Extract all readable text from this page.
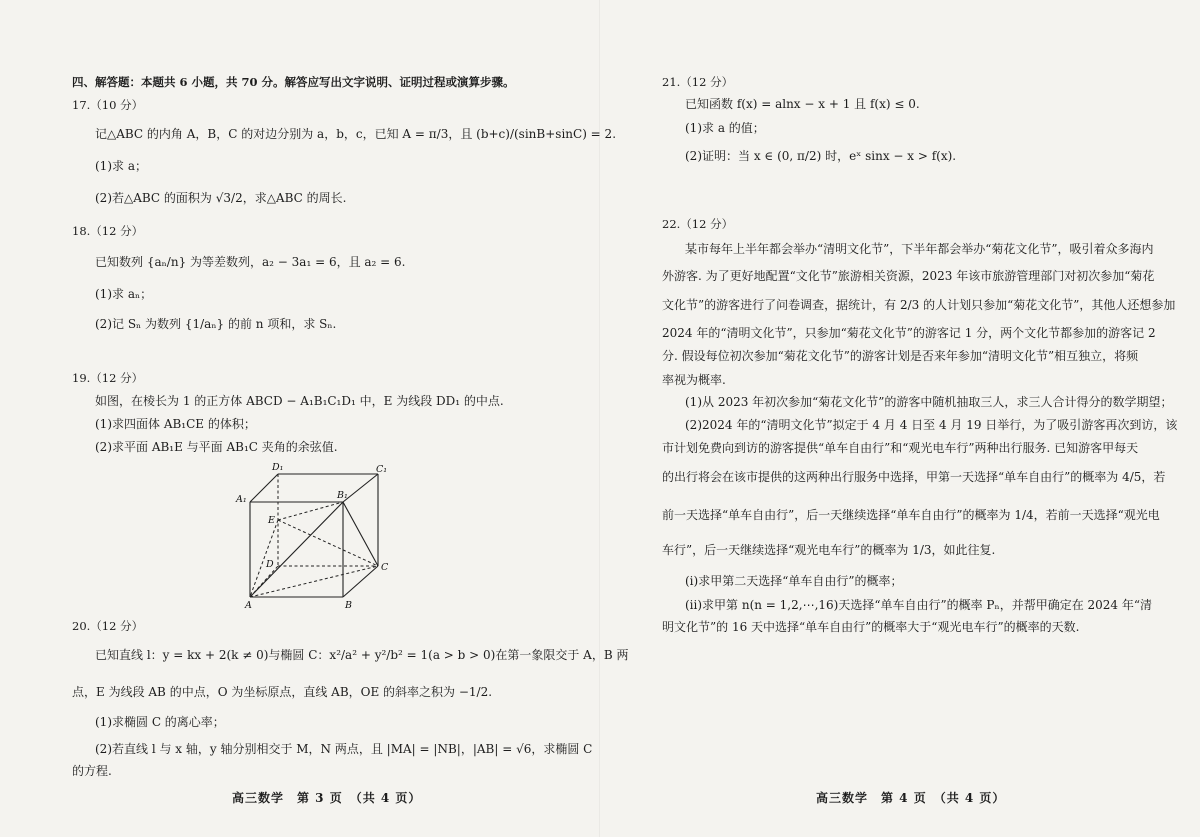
四、解答题：本题共 6 小题，共 70 分。解答应写出文字说明、证明过程或演算步骤。
17.（10 分）
记△ABC 的内角 A，B，C 的对边分别为 a，b，c，已知 A = π/3，且 (b+c)/(sinB+sinC) = 2.
(1)求 a；
(2)若△ABC 的面积为 √3/2，求△ABC 的周长.
18.（12 分）
已知数列 {aₙ/n} 为等差数列，a₂ − 3a₁ = 6，且 a₂ = 6.
(1)求 aₙ；
(2)记 Sₙ 为数列 {1/aₙ} 的前 n 项和，求 Sₙ.
19.（12 分）
如图，在棱长为 1 的正方体 ABCD − A₁B₁C₁D₁ 中，E 为线段 DD₁ 的中点.
(1)求四面体 AB₁CE 的体积；
(2)求平面 AB₁E 与平面 AB₁C 夹角的余弦值.
D₁	C₁
A₁	B₁
E
D	C
A	B
20.（12 分）
已知直线 l：y = kx + 2(k ≠ 0)与椭圆 C：x²/a² + y²/b² = 1(a > b > 0)在第一象限交于 A，B 两
点，E 为线段 AB 的中点，O 为坐标原点，直线 AB，OE 的斜率之积为 −1/2.
(1)求椭圆 C 的离心率；
(2)若直线 l 与 x 轴，y 轴分别相交于 M，N 两点，且 |MA| = |NB|，|AB| = √6，求椭圆 C
的方程.
高三数学　第 3 页　（共 4 页）
21.（12 分）
已知函数 f(x) = alnx − x + 1 且 f(x) ≤ 0.
(1)求 a 的值；
(2)证明：当 x ∈ (0, π/2) 时，eˣ sinx − x > f(x).
22.（12 分）
某市每年上半年都会举办“清明文化节”，下半年都会举办“菊花文化节”，吸引着众多海内
外游客. 为了更好地配置“文化节”旅游相关资源，2023 年该市旅游管理部门对初次参加“菊花
文化节”的游客进行了问卷调查，据统计，有 2/3 的人计划只参加“菊花文化节”，其他人还想参加
2024 年的“清明文化节”，只参加“菊花文化节”的游客记 1 分，两个文化节都参加的游客记 2
分. 假设每位初次参加“菊花文化节”的游客计划是否来年参加“清明文化节”相互独立，将频
率视为概率.
(1)从 2023 年初次参加“菊花文化节”的游客中随机抽取三人，求三人合计得分的数学期望；
(2)2024 年的“清明文化节”拟定于 4 月 4 日至 4 月 19 日举行，为了吸引游客再次到访，该
市计划免费向到访的游客提供“单车自由行”和“观光电车行”两种出行服务. 已知游客甲每天
的出行将会在该市提供的这两种出行服务中选择，甲第一天选择“单车自由行”的概率为 4/5，若
前一天选择“单车自由行”，后一天继续选择“单车自由行”的概率为 1/4，若前一天选择“观光电
车行”，后一天继续选择“观光电车行”的概率为 1/3，如此往复.
(i)求甲第二天选择“单车自由行”的概率；
(ii)求甲第 n(n = 1,2,⋯,16)天选择“单车自由行”的概率 Pₙ，并帮甲确定在 2024 年“清
明文化节”的 16 天中选择“单车自由行”的概率大于“观光电车行”的概率的天数.
高三数学　第 4 页　（共 4 页）
